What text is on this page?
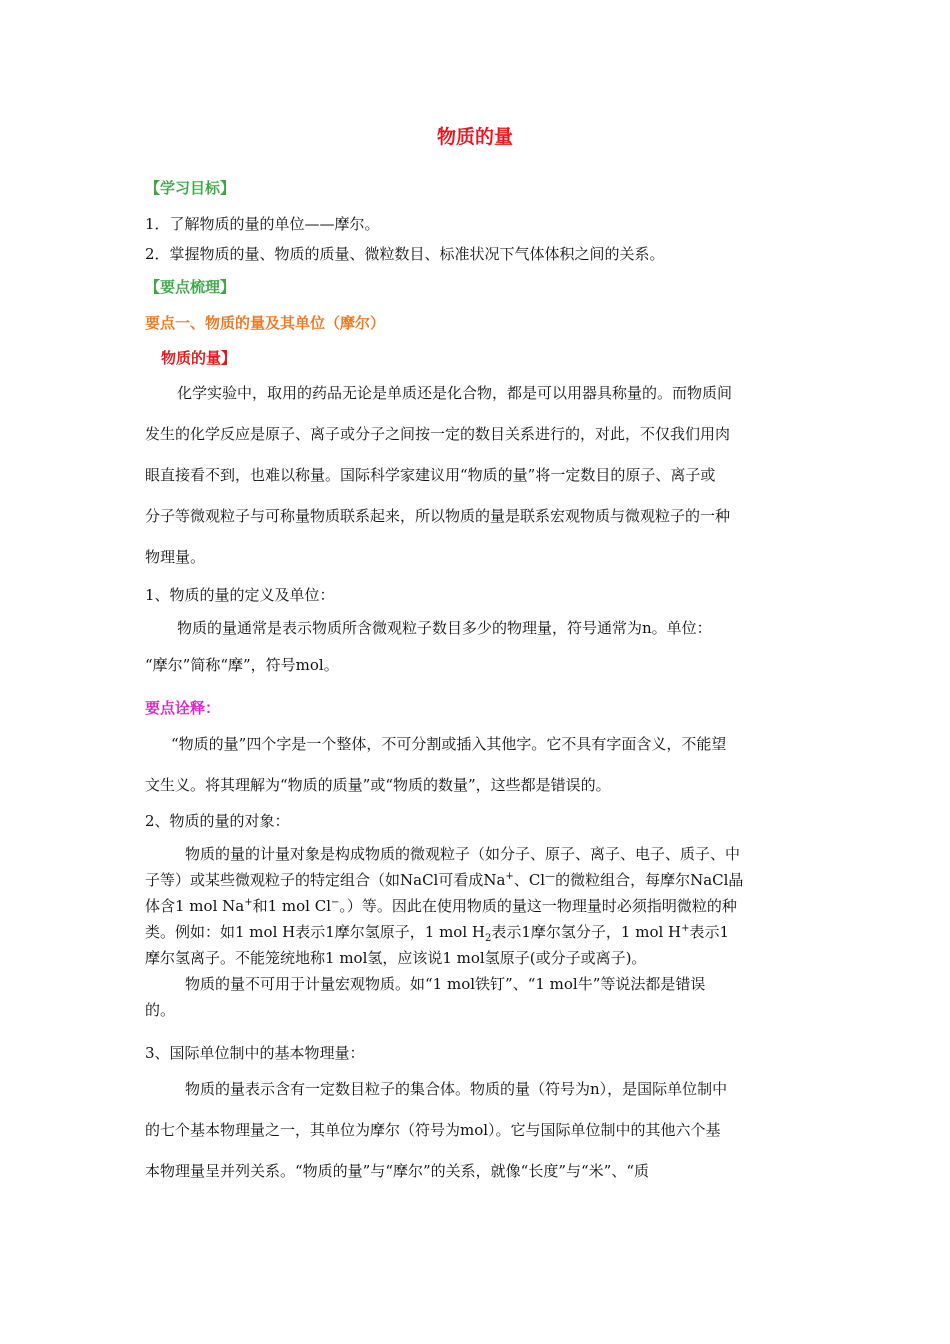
物质的量
【学习目标】
1．了解物质的量的单位——摩尔。
2．掌握物质的量、物质的质量、微粒数目、标准状况下气体体积之间的关系。
【要点梳理】
要点一、物质的量及其单位（摩尔）
物质的量】
化学实验中，取用的药品无论是单质还是化合物，都是可以用器具称量的。而物质间
发生的化学反应是原子、离子或分子之间按一定的数目关系进行的，对此，不仅我们用肉
眼直接看不到，也难以称量。国际科学家建议用“物质的量”将一定数目的原子、离子或
分子等微观粒子与可称量物质联系起来，所以物质的量是联系宏观物质与微观粒子的一种
物理量。
1、物质的量的定义及单位：
物质的量通常是表示物质所含微观粒子数目多少的物理量，符号通常为n。单位：
“摩尔”简称“摩”，符号mol。
要点诠释：
“物质的量”四个字是一个整体，不可分割或插入其他字。它不具有字面含义，不能望
文生义。将其理解为“物质的质量”或“物质的数量”，这些都是错误的。
2、物质的量的对象：
物质的量的计量对象是构成物质的微观粒子（如分子、原子、离子、电子、质子、中
子等）或某些微观粒子的特定组合（如NaCl可看成Na+、Cl—的微粒组合，每摩尔NaCl晶
体含1 mol Na+和1 mol Cl−。）等。因此在使用物质的量这一物理量时必须指明微粒的种
类。例如：如1 mol H表示1摩尔氢原子，1 mol $H_2$表示1摩尔氢分子，1 mol H+表示1
摩尔氢离子。不能笼统地称1 mol氢，应该说1 mol氢原子(或分子或离子)。
物质的量不可用于计量宏观物质。如“1 mol铁钉”、“1 mol牛”等说法都是错误
的。
3、国际单位制中的基本物理量：
物质的量表示含有一定数目粒子的集合体。物质的量（符号为n），是国际单位制中
的七个基本物理量之一，其单位为摩尔（符号为mol）。它与国际单位制中的其他六个基
本物理量呈并列关系。“物质的量”与“摩尔”的关系，就像“长度”与“米”、“质
